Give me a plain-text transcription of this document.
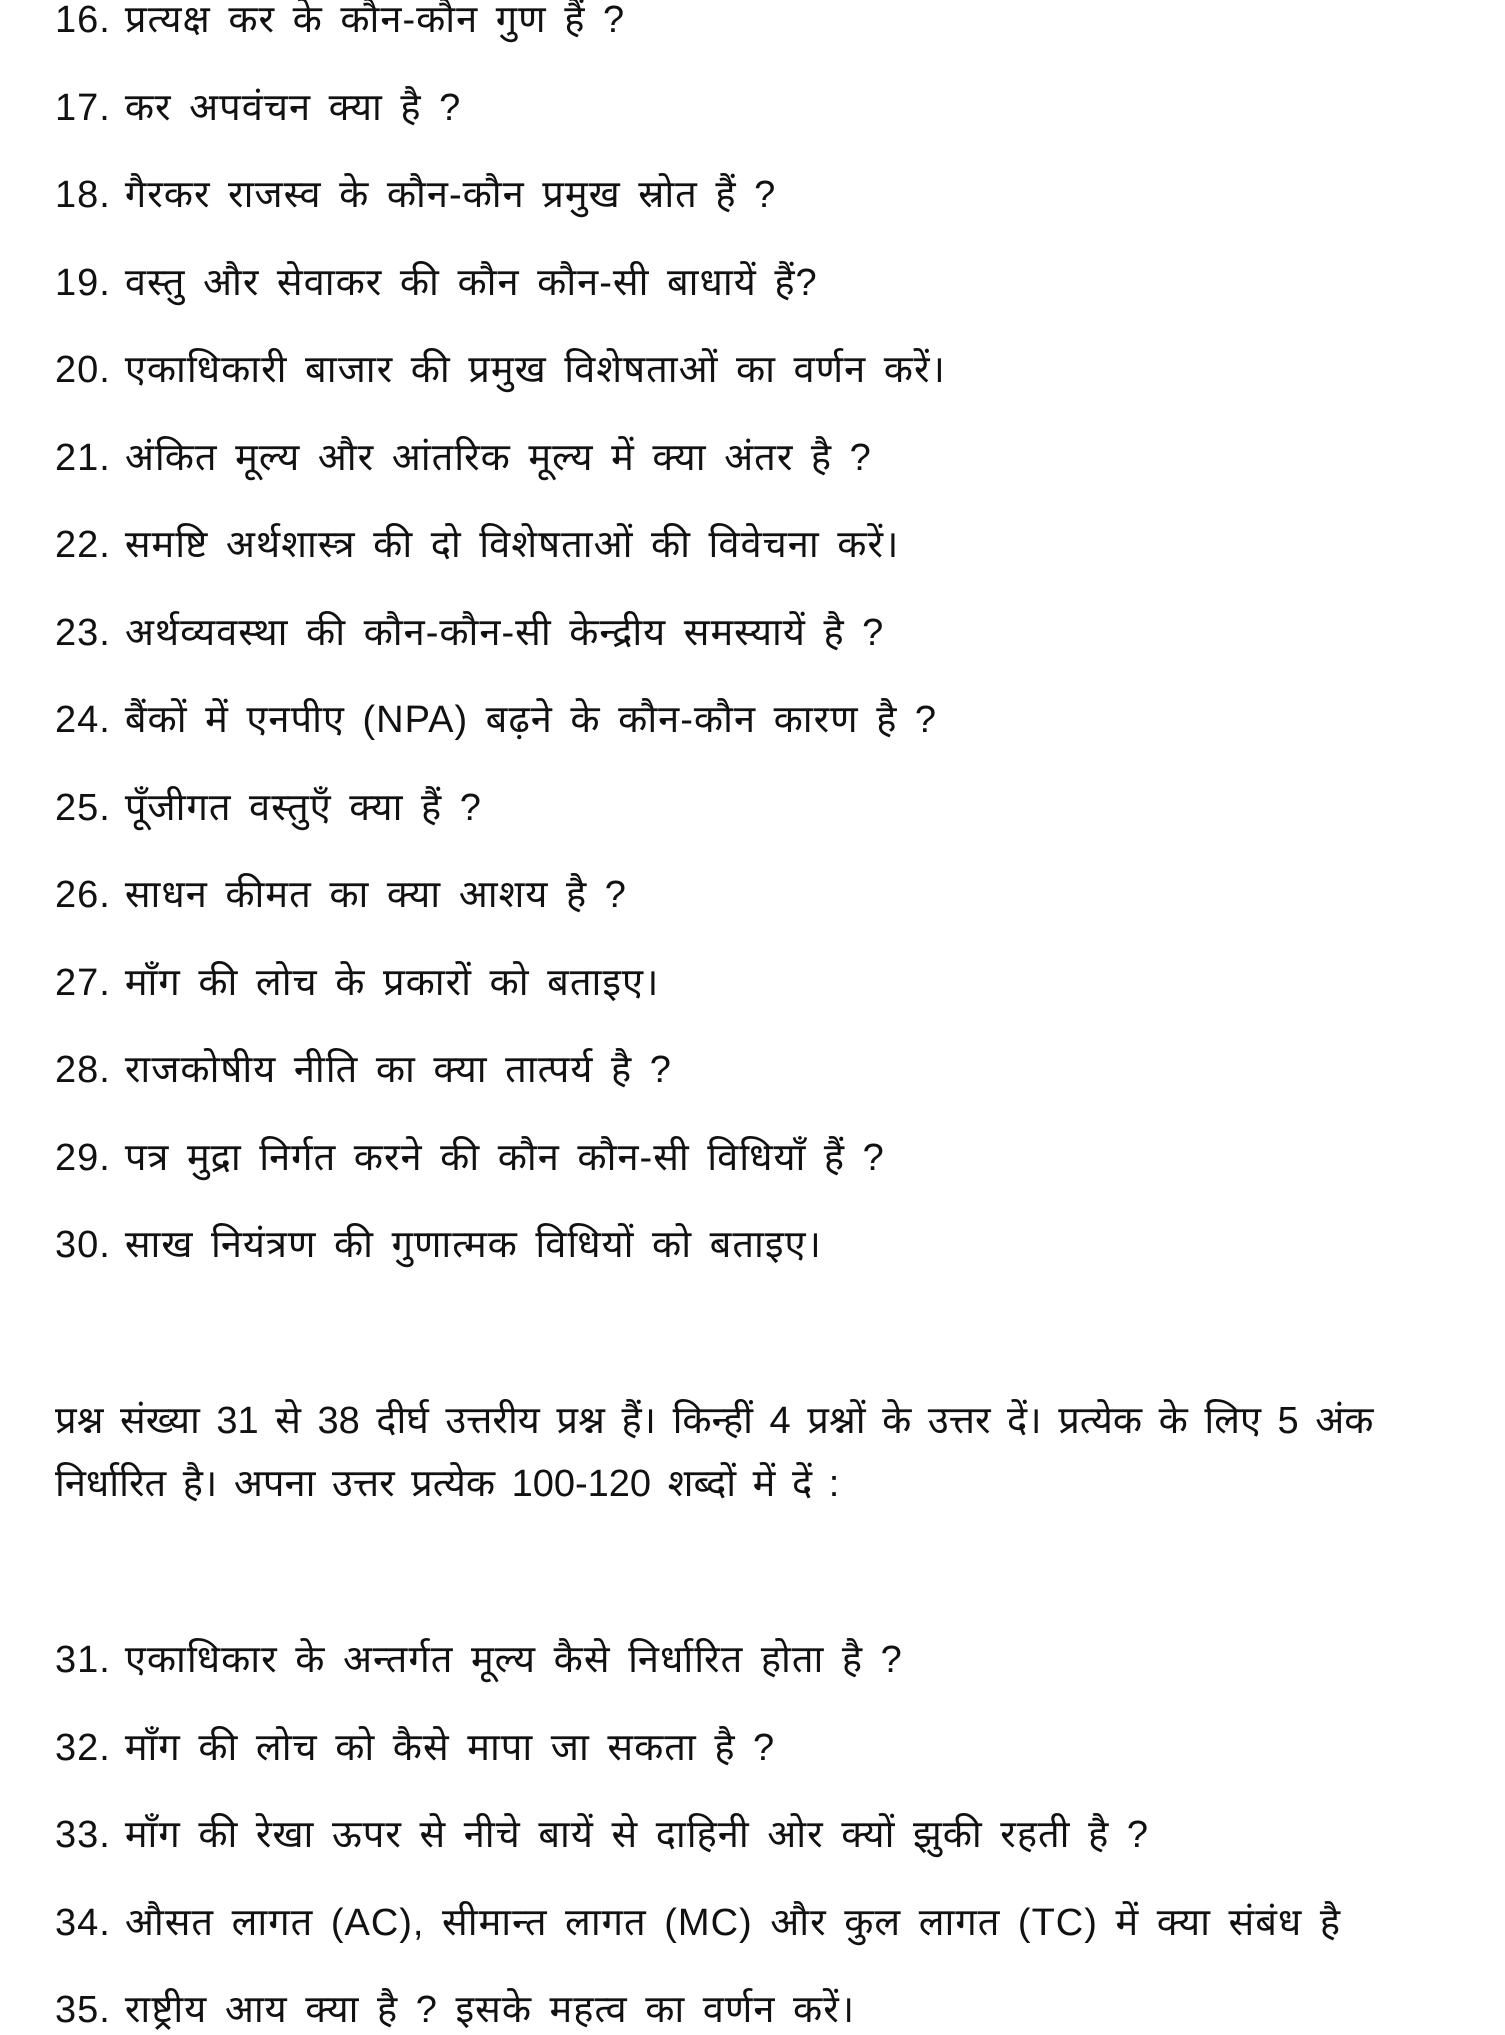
16. प्रत्यक्ष कर के कौन-कौन गुण हैं ?
17. कर अपवंचन क्या है ?
18. गैरकर राजस्व के कौन-कौन प्रमुख स्रोत हैं ?
19. वस्तु और सेवाकर की कौन कौन-सी बाधायें हैं?
20. एकाधिकारी बाजार की प्रमुख विशेषताओं का वर्णन करें।
21. अंकित मूल्य और आंतरिक मूल्य में क्या अंतर है ?
22. समष्टि अर्थशास्त्र की दो विशेषताओं की विवेचना करें।
23. अर्थव्यवस्था की कौन-कौन-सी केन्द्रीय समस्यायें है ?
24. बैंकों में एनपीए (NPA) बढ़ने के कौन-कौन कारण है ?
25. पूँजीगत वस्तुएँ क्या हैं ?
26. साधन कीमत का क्या आशय है ?
27. माँग की लोच के प्रकारों को बताइए।
28. राजकोषीय नीति का क्या तात्पर्य है ?
29. पत्र मुद्रा निर्गत करने की कौन कौन-सी विधियाँ हैं ?
30. साख नियंत्रण की गुणात्मक विधियों को बताइए।
प्रश्न संख्या 31 से 38 दीर्घ उत्तरीय प्रश्न हैं। किन्हीं 4 प्रश्नों के उत्तर दें। प्रत्येक के लिए 5 अंक निर्धारित है। अपना उत्तर प्रत्येक 100-120 शब्दों में दें :
31. एकाधिकार के अन्तर्गत मूल्य कैसे निर्धारित होता है ?
32. माँग की लोच को कैसे मापा जा सकता है ?
33. माँग की रेखा ऊपर से नीचे बायें से दाहिनी ओर क्यों झुकी रहती है ?
34. औसत लागत (AC), सीमान्त लागत (MC) और कुल लागत (TC) में क्या संबंध है
35. राष्ट्रीय आय क्या है ? इसके महत्व का वर्णन करें।
